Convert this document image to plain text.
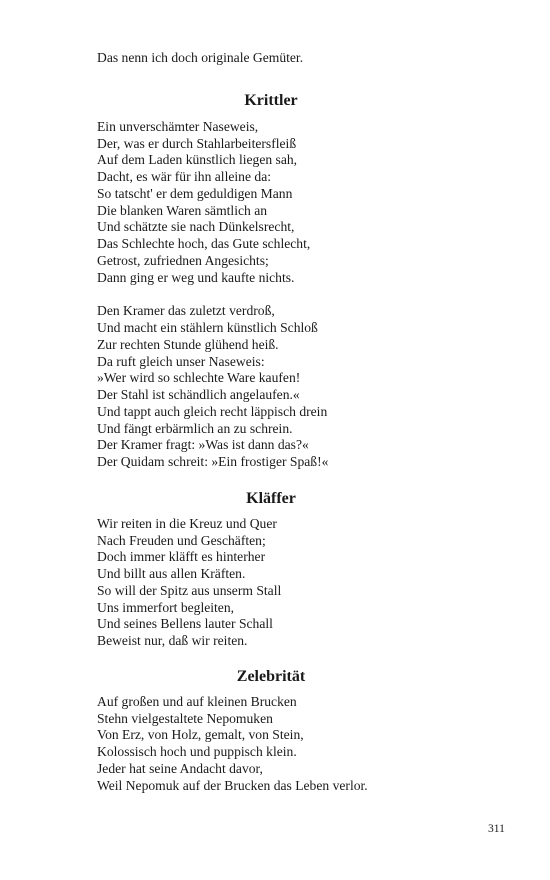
Das nenn ich doch originale Gemüter.
Krittler
Ein unverschämter Naseweis,
Der, was er durch Stahlarbeitersfleiß
Auf dem Laden künstlich liegen sah,
Dacht, es wär für ihn alleine da:
So tatscht' er dem geduldigen Mann
Die blanken Waren sämtlich an
Und schätzte sie nach Dünkelsrecht,
Das Schlechte hoch, das Gute schlecht,
Getrost, zufriednen Angesichts;
Dann ging er weg und kaufte nichts.
Den Kramer das zuletzt verdroß,
Und macht ein stählern künstlich Schloß
Zur rechten Stunde glühend heiß.
Da ruft gleich unser Naseweis:
»Wer wird so schlechte Ware kaufen!
Der Stahl ist schändlich angelaufen.«
Und tappt auch gleich recht läppisch drein
Und fängt erbärmlich an zu schrein.
Der Kramer fragt: »Was ist dann das?«
Der Quidam schreit: »Ein frostiger Spaß!«
Kläffer
Wir reiten in die Kreuz und Quer
Nach Freuden und Geschäften;
Doch immer kläfft es hinterher
Und billt aus allen Kräften.
So will der Spitz aus unserm Stall
Uns immerfort begleiten,
Und seines Bellens lauter Schall
Beweist nur, daß wir reiten.
Zelebrität
Auf großen und auf kleinen Brucken
Stehn vielgestaltete Nepomuken
Von Erz, von Holz, gemalt, von Stein,
Kolossisch hoch und puppisch klein.
Jeder hat seine Andacht davor,
Weil Nepomuk auf der Brucken das Leben verlor.
311
